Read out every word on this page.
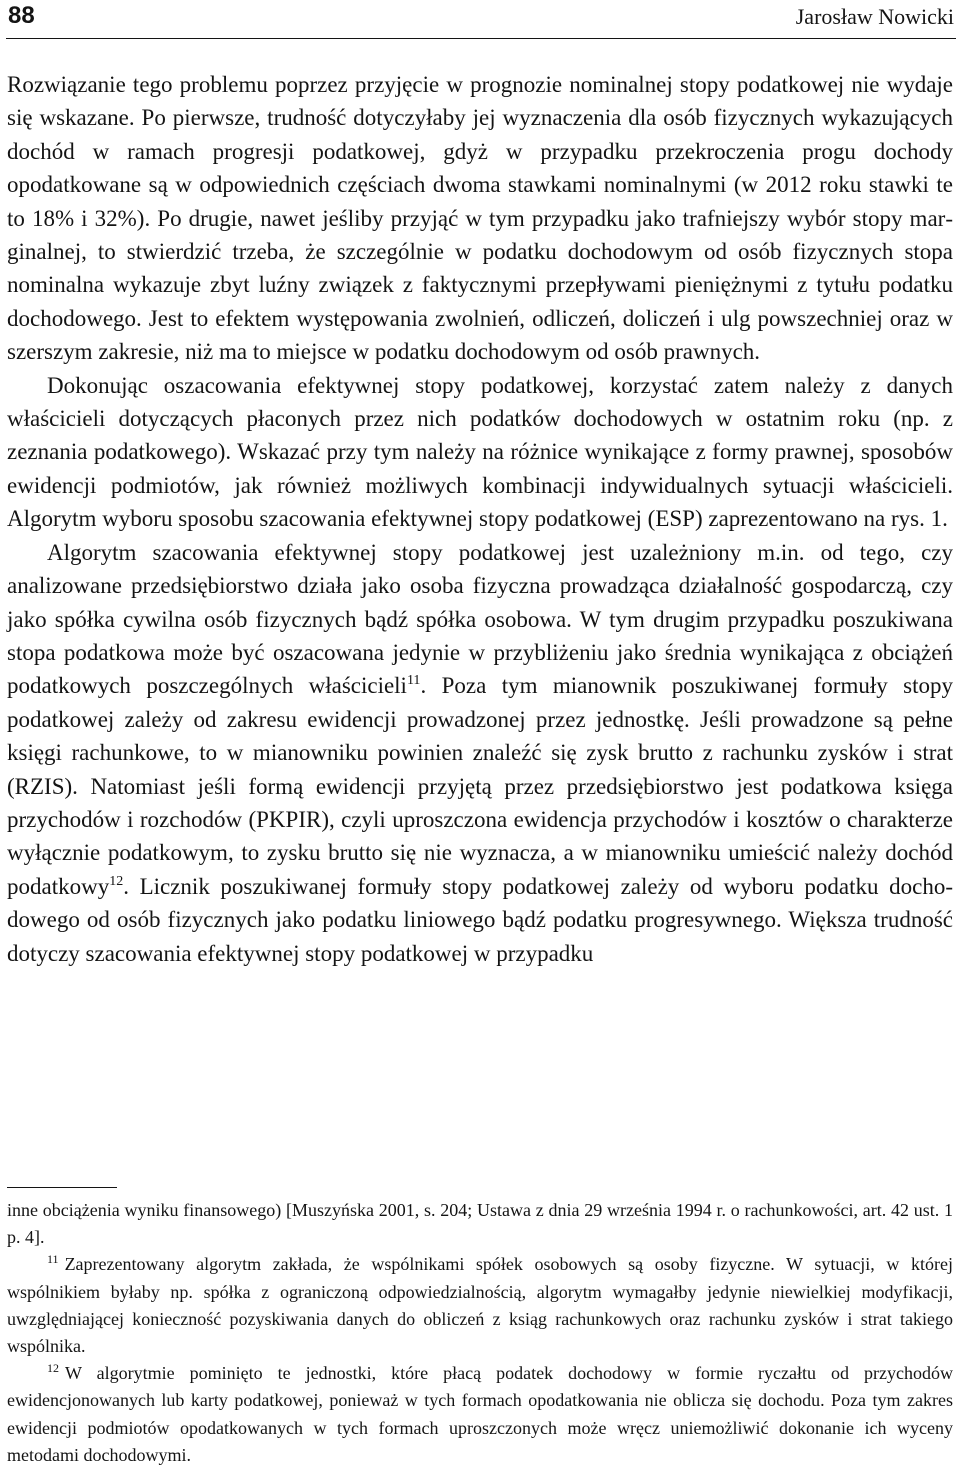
88	Jarosław Nowicki

Rozwiązanie tego problemu poprzez przyjęcie w prognozie nominalnej stopy podatkowej nie wydaje się wskazane. Po pierwsze, trudność dotyczyłaby jej wyznaczenia dla osób fizycznych wykazujących dochód w ramach progresji podatkowej, gdyż w przypadku przekroczenia progu dochody opodatkowane są w odpowiednich częściach dwoma stawkami nominalnymi (w 2012 roku stawki te to 18% i 32%). Po drugie, nawet jeśliby przyjąć w tym przypadku jako trafniejszy wybór stopy marginalnej, to stwierdzić trzeba, że szczególnie w podatku dochodowym od osób fizycznych stopa nominalna wykazuje zbyt luźny związek z faktycznymi przepływami pieniężnymi z tytułu podatku dochodowego. Jest to efektem występowania zwolnień, odliczeń, doliczeń i ulg powszechniej oraz w szerszym zakresie, niż ma to miejsce w podatku dochodowym od osób prawnych.

Dokonując oszacowania efektywnej stopy podatkowej, korzystać zatem należy z danych właścicieli dotyczących płaconych przez nich podatków dochodowych w ostatnim roku (np. z zeznania podatkowego). Wskazać przy tym należy na różnice wynikające z formy prawnej, sposobów ewidencji podmiotów, jak również możliwych kombinacji indywidualnych sytuacji właścicieli. Algorytm wyboru sposobu szacowania efektywnej stopy podatkowej (ESP) zaprezentowano na rys. 1.

Algorytm szacowania efektywnej stopy podatkowej jest uzależniony m.in. od tego, czy analizowane przedsiębiorstwo działa jako osoba fizyczna prowadząca działalność gospodarczą, czy jako spółka cywilna osób fizycznych bądź spółka osobowa. W tym drugim przypadku poszukiwana stopa podatkowa może być oszacowana jedynie w przybliżeniu jako średnia wynikająca z obciążeń podatkowych poszczególnych właścicieli$^{11}$. Poza tym mianownik poszukiwanej formuły stopy podatkowej zależy od zakresu ewidencji prowadzonej przez jednostkę. Jeśli prowadzone są pełne księgi rachunkowe, to w mianowniku powinien znaleźć się zysk brutto z rachunku zysków i strat (RZIS). Natomiast jeśli formą ewidencji przyjętą przez przedsiębiorstwo jest podatkowa księga przychodów i rozchodów (PKPIR), czyli uproszczona ewidencja przychodów i kosztów o charakterze wyłącznie podatkowym, to zysku brutto się nie wyznacza, a w mianowniku umieścić należy dochód podatkowy$^{12}$. Licznik poszukiwanej formuły stopy podatkowej zależy od wyboru podatku dochodowego od osób fizycznych jako podatku liniowego bądź podatku progresywnego. Większa trudność dotyczy szacowania efektywnej stopy podatkowej w przypadku

inne obciążenia wyniku finansowego) [Muszyńska 2001, s. 204; Ustawa z dnia 29 września 1994 r. o rachunkowości, art. 42 ust. 1 p. 4].

$^{11}$ Zaprezentowany algorytm zakłada, że wspólnikami spółek osobowych są osoby fizyczne. W sytuacji, w której wspólnikiem byłaby np. spółka z ograniczoną odpowiedzialnością, algorytm wymagałby jedynie niewielkiej modyfikacji, uwzględniającej konieczność pozyskiwania danych do obliczeń z ksiąg rachunkowych oraz rachunku zysków i strat takiego wspólnika.

$^{12}$ W algorytmie pominięto te jednostki, które płacą podatek dochodowy w formie ryczałtu od przychodów ewidencjonowanych lub karty podatkowej, ponieważ w tych formach opodatkowania nie oblicza się dochodu. Poza tym zakres ewidencji podmiotów opodatkowanych w tych formach uproszczonych może wręcz uniemożliwić dokonanie ich wyceny metodami dochodowymi.
